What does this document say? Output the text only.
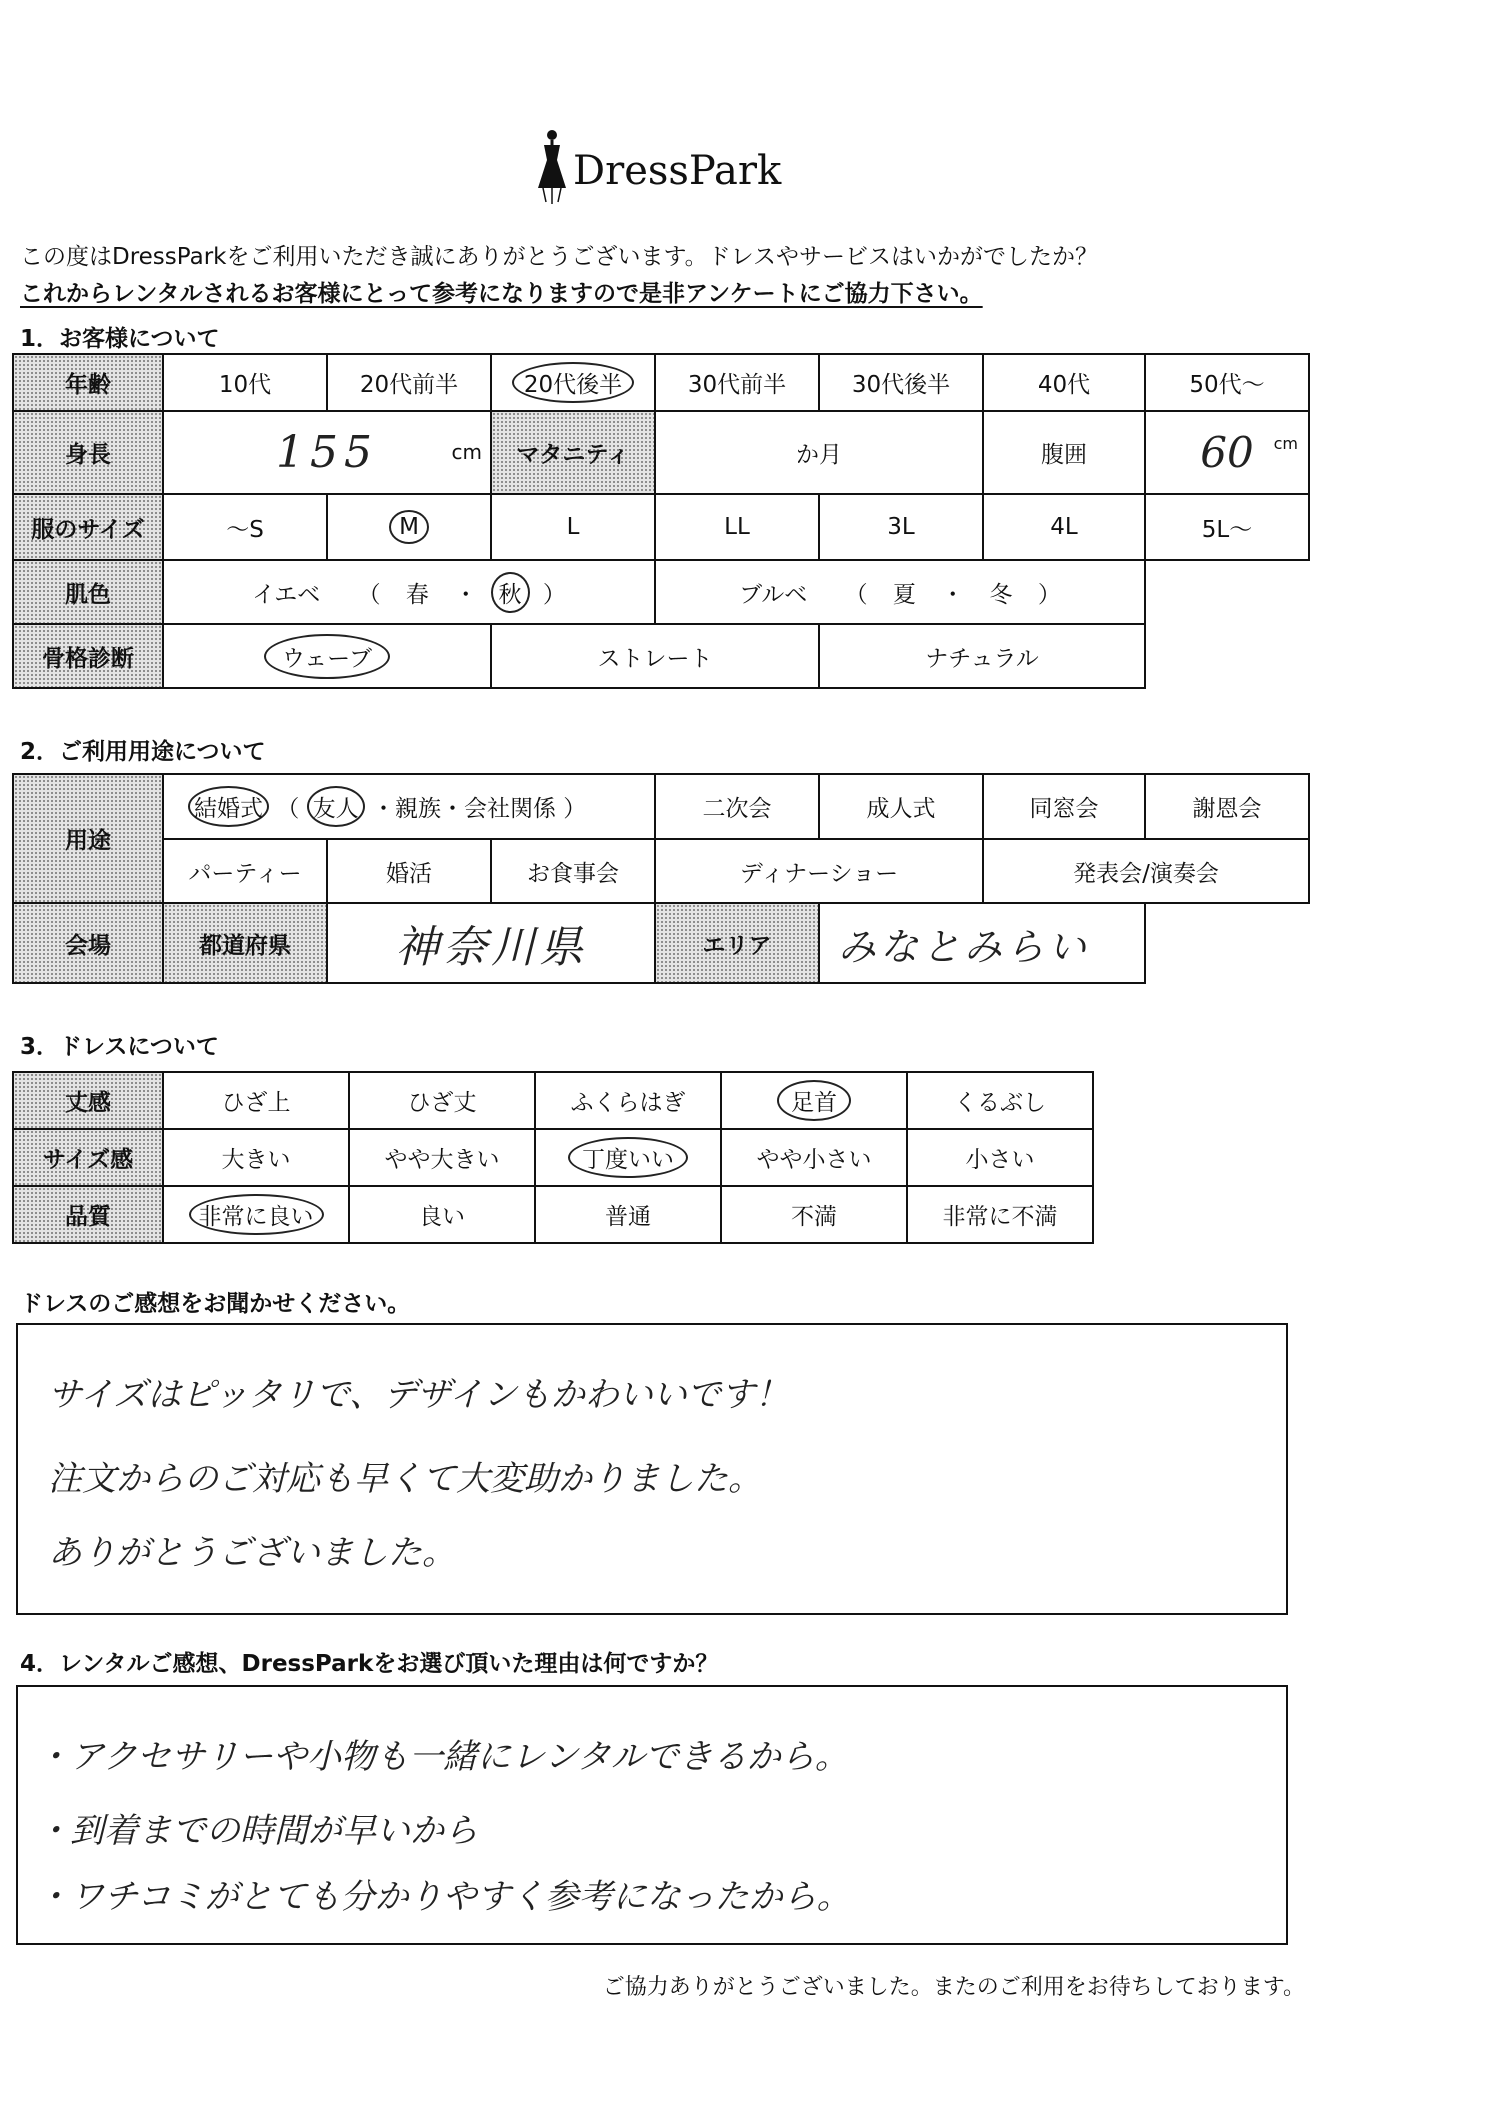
DressPark
この度はDressParkをご利用いただき誠にありがとうございます。ドレスやサービスはいかがでしたか？
これからレンタルされるお客様にとって参考になりますので是非アンケートにご協力下さい。
1．お客様について
年齢	10代	20代前半	20代後半	30代前半	30代後半	40代	50代～
身長	155 cm		マタニティ	か月		腹囲	60 cm

服のサイズ	～S	M	L	LL	3L	4L	5L～
肌色	イエベ （ 春 ・ 秋 ）			ブルベ （ 夏 ・ 冬 ）			
骨格診断	ウェーブ		ストレート		ナチュラル		
2．ご利用用途について
用途	結婚式 （ 友人 ・親族・会社関係 ）			二次会	成人式	同窓会	謝恩会
	パーティー	婚活	お食事会	ディナーショー		発表会/演奏会	
会場	都道府県	神奈川県		エリア	みなとみらい		
3．ドレスについて
丈感	ひざ上	ひざ丈	ふくらはぎ	足首	くるぶし
サイズ感	大きい	やや大きい	丁度いい	やや小さい	小さい
品質	非常に良い	良い	普通	不満	非常に不満
ドレスのご感想をお聞かせください。
サイズはピッタリで、デザインもかわいいです！
注文からのご対応も早くて大変助かりました。
ありがとうございました。
4．レンタルご感想、DressParkをお選び頂いた理由は何ですか？
・アクセサリーや小物も一緒にレンタルできるから。
・到着までの時間が早いから
・ワチコミがとても分かりやすく参考になったから。
ご協力ありがとうございました。またのご利用をお待ちしております。
